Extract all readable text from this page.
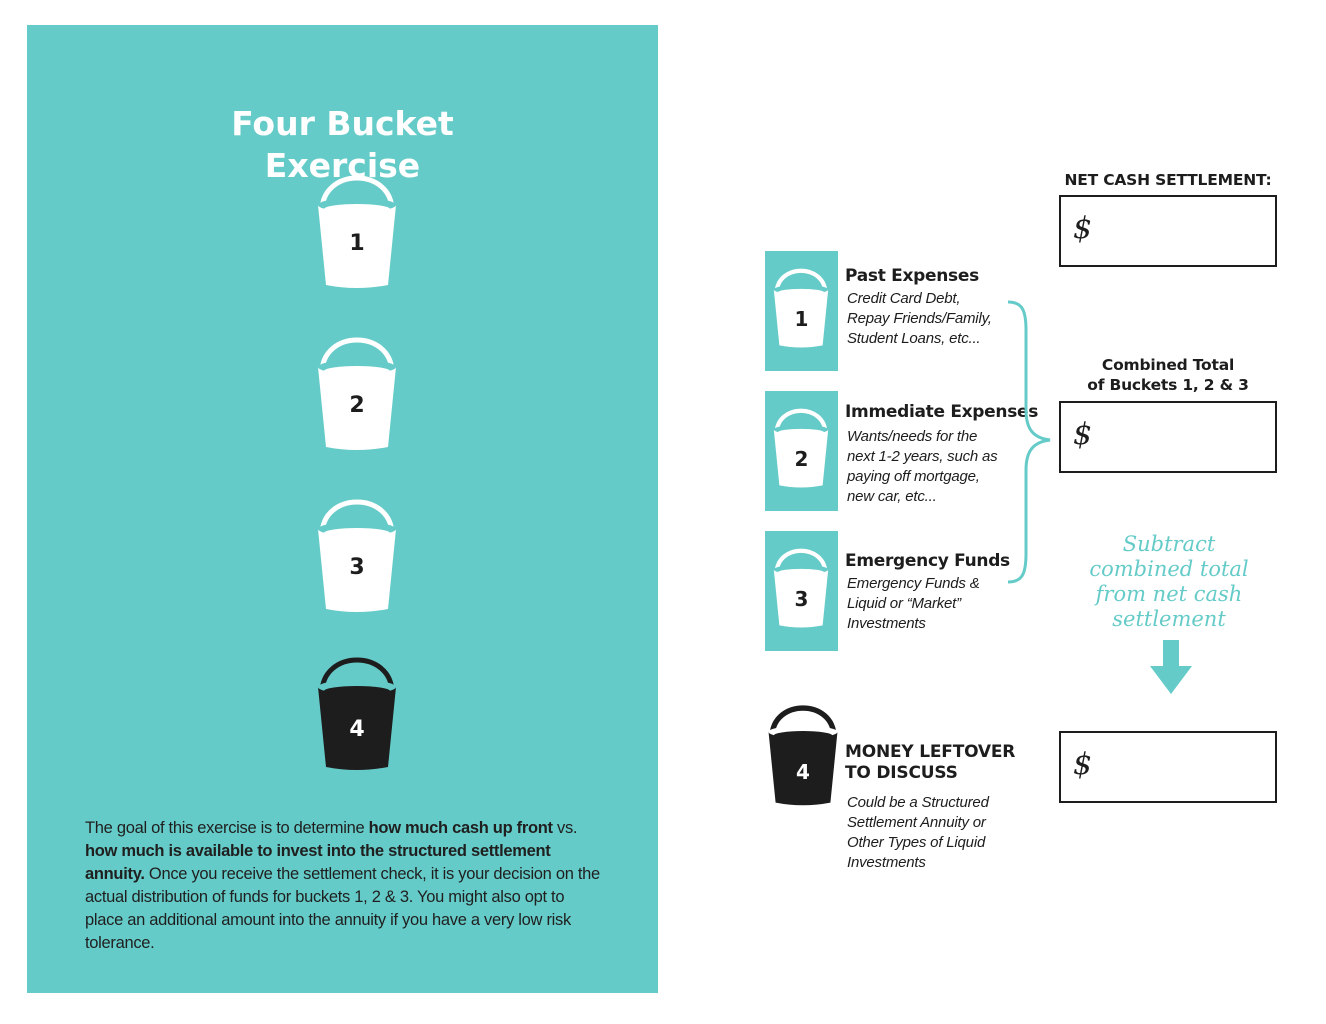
Four Bucket
Exercise
1
2
3
4
The goal of this exercise is to determine how much cash up front vs. how much is available to invest into the structured settlement annuity. Once you receive the settlement check, it is your decision on the actual distribution of funds for buckets 1, 2 & 3. You might also opt to place an additional amount into the annuity if you have a very low risk tolerance.
1
Past Expenses
Credit Card Debt,
Repay Friends/Family,
Student Loans, etc...
2
Immediate Expenses
Wants/needs for the
next 1-2 years, such as
paying off mortgage,
new car, etc...
3
Emergency Funds
Emergency Funds &
Liquid or “Market”
Investments
NET CASH SETTLEMENT:
$
Combined Total
of Buckets 1, 2 & 3
$
Subtract
combined total
from net cash
settlement
4
MONEY LEFTOVER
TO DISCUSS
Could be a Structured
Settlement Annuity or
Other Types of Liquid
Investments
$
